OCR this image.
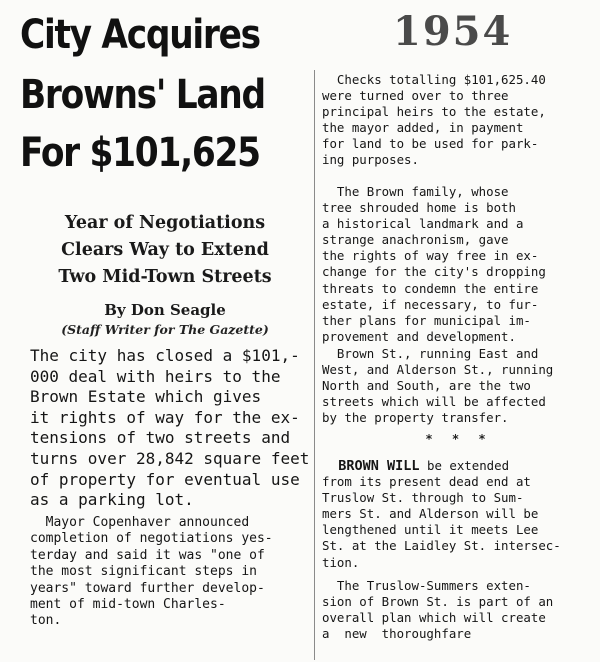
City Acquires
Browns' Land
For $101,625
Year of Negotiations
Clears Way to Extend
Two Mid-Town Streets
By Don Seagle
(Staff Writer for The Gazette)
The city has closed a $101,-
000 deal with heirs to the
Brown Estate which gives
it rights of way for the ex-
tensions of two streets and
turns over 28,842 square feet
of property for eventual use
as a parking lot.
Mayor Copenhaver announced
completion of negotiations yes-
terday and said it was "one of
the most significant steps in
years" toward further develop-
ment of mid-town Charles-
ton.
1954
Checks totalling $101,625.40
were turned over to three
principal heirs to the estate,
the mayor added, in payment
for land to be used for park-
ing purposes.
The Brown family, whose
tree shrouded home is both
a historical landmark and a
strange anachronism, gave
the rights of way free in ex-
change for the city's dropping
threats to condemn the entire
estate, if necessary, to fur-
ther plans for municipal im-
provement and development.
Brown St., running East and
West, and Alderson St., running
North and South, are the two
streets which will be affected
by the property transfer.
* * *
BROWN WILL be extended
from its present dead end at
Truslow St. through to Sum-
mers St. and Alderson will be
lengthened until it meets Lee
St. at the Laidley St. intersec-
tion.
The Truslow-Summers exten-
sion of Brown St. is part of an
overall plan which will create
a  new  thoroughfare
